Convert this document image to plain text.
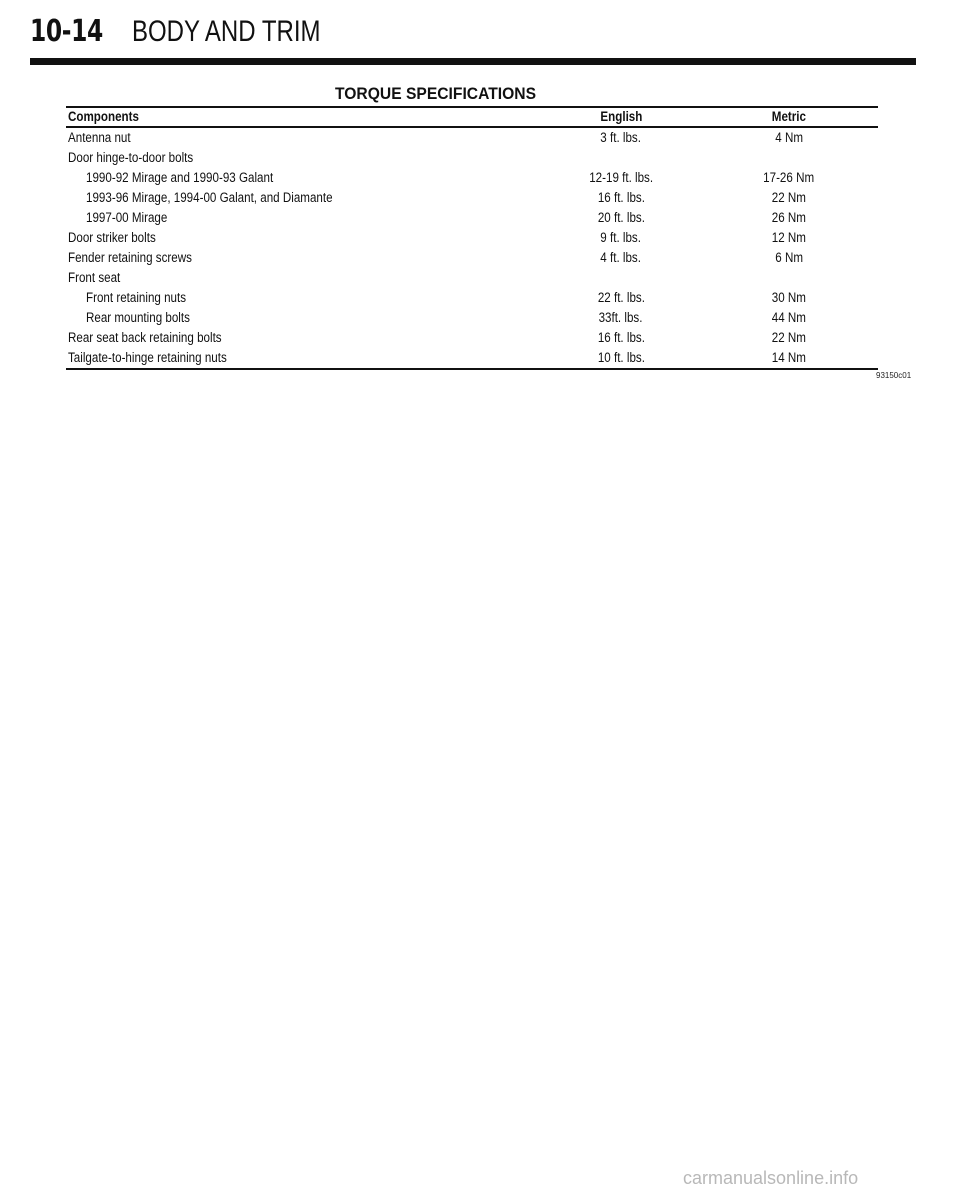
10-14 BODY AND TRIM
TORQUE SPECIFICATIONS
Components	English	Metric
Antenna nut	3 ft. lbs.	4 Nm
Door hinge-to-door bolts
1990-92 Mirage and 1990-93 Galant	12-19 ft. lbs.	17-26 Nm
1993-96 Mirage, 1994-00 Galant, and Diamante	16 ft. lbs.	22 Nm
1997-00 Mirage	20 ft. lbs.	26 Nm
Door striker bolts	9 ft. lbs.	12 Nm
Fender retaining screws	4 ft. lbs.	6 Nm
Front seat
Front retaining nuts	22 ft. lbs.	30 Nm
Rear mounting bolts	33ft. lbs.	44 Nm
Rear seat back retaining bolts	16 ft. lbs.	22 Nm
Tailgate-to-hinge retaining nuts	10 ft. lbs.	14 Nm
93150c01
carmanualsonline.info
